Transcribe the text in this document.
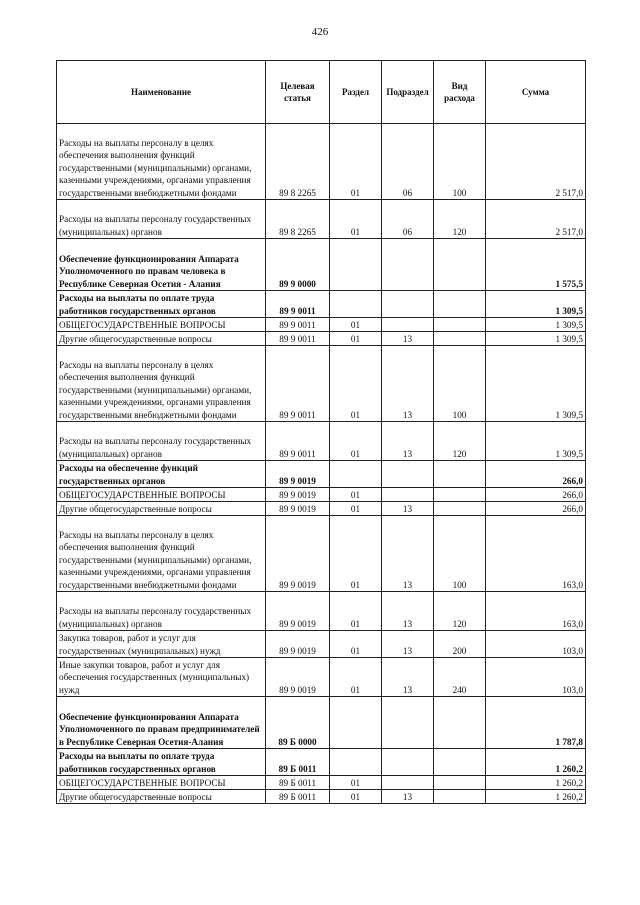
426
Наименование	Целевая статья	Раздел	Подраздел	Вид расхода	Сумма
Расходы на выплаты персоналу в целях обеспечения выполнения функций государственными (муниципальными) органами, казенными учреждениями, органами управления государственными внебюджетными фондами	89 8 2265	01	06	100	2 517,0
Расходы на выплаты персоналу государственных (муниципальных) органов	89 8 2265	01	06	120	2 517,0
Обеспечение функционирования Аппарата Уполномоченного по правам человека в Республике Северная Осетия - Алания	89 9 0000				1 575,5
Расходы на выплаты по оплате труда работников государственных органов	89 9 0011				1 309,5
ОБЩЕГОСУДАРСТВЕННЫЕ ВОПРОСЫ	89 9 0011	01			1 309,5
Другие общегосударственные вопросы	89 9 0011	01	13		1 309,5
Расходы на выплаты персоналу в целях обеспечения выполнения функций государственными (муниципальными) органами, казенными учреждениями, органами управления государственными внебюджетными фондами	89 9 0011	01	13	100	1 309,5
Расходы на выплаты персоналу государственных (муниципальных) органов	89 9 0011	01	13	120	1 309,5
Расходы на обеспечение функций государственных органов	89 9 0019				266,0
ОБЩЕГОСУДАРСТВЕННЫЕ ВОПРОСЫ	89 9 0019	01			266,0
Другие общегосударственные вопросы	89 9 0019	01	13		266,0
Расходы на выплаты персоналу в целях обеспечения выполнения функций государственными (муниципальными) органами, казенными учреждениями, органами управления государственными внебюджетными фондами	89 9 0019	01	13	100	163,0
Расходы на выплаты персоналу государственных (муниципальных) органов	89 9 0019	01	13	120	163,0
Закупка товаров, работ и услуг для государственных (муниципальных) нужд	89 9 0019	01	13	200	103,0
Иные закупки товаров, работ и услуг для обеспечения государственных (муниципальных) нужд	89 9 0019	01	13	240	103,0
Обеспечение функционирования Аппарата Уполномоченного по правам предпринимателей в Республике Северная Осетия-Алания	89 Б 0000				1 787,8
Расходы на выплаты по оплате труда работников государственных органов	89 Б 0011				1 260,2
ОБЩЕГОСУДАРСТВЕННЫЕ ВОПРОСЫ	89 Б 0011	01			1 260,2
Другие общегосударственные вопросы	89 Б 0011	01	13		1 260,2
